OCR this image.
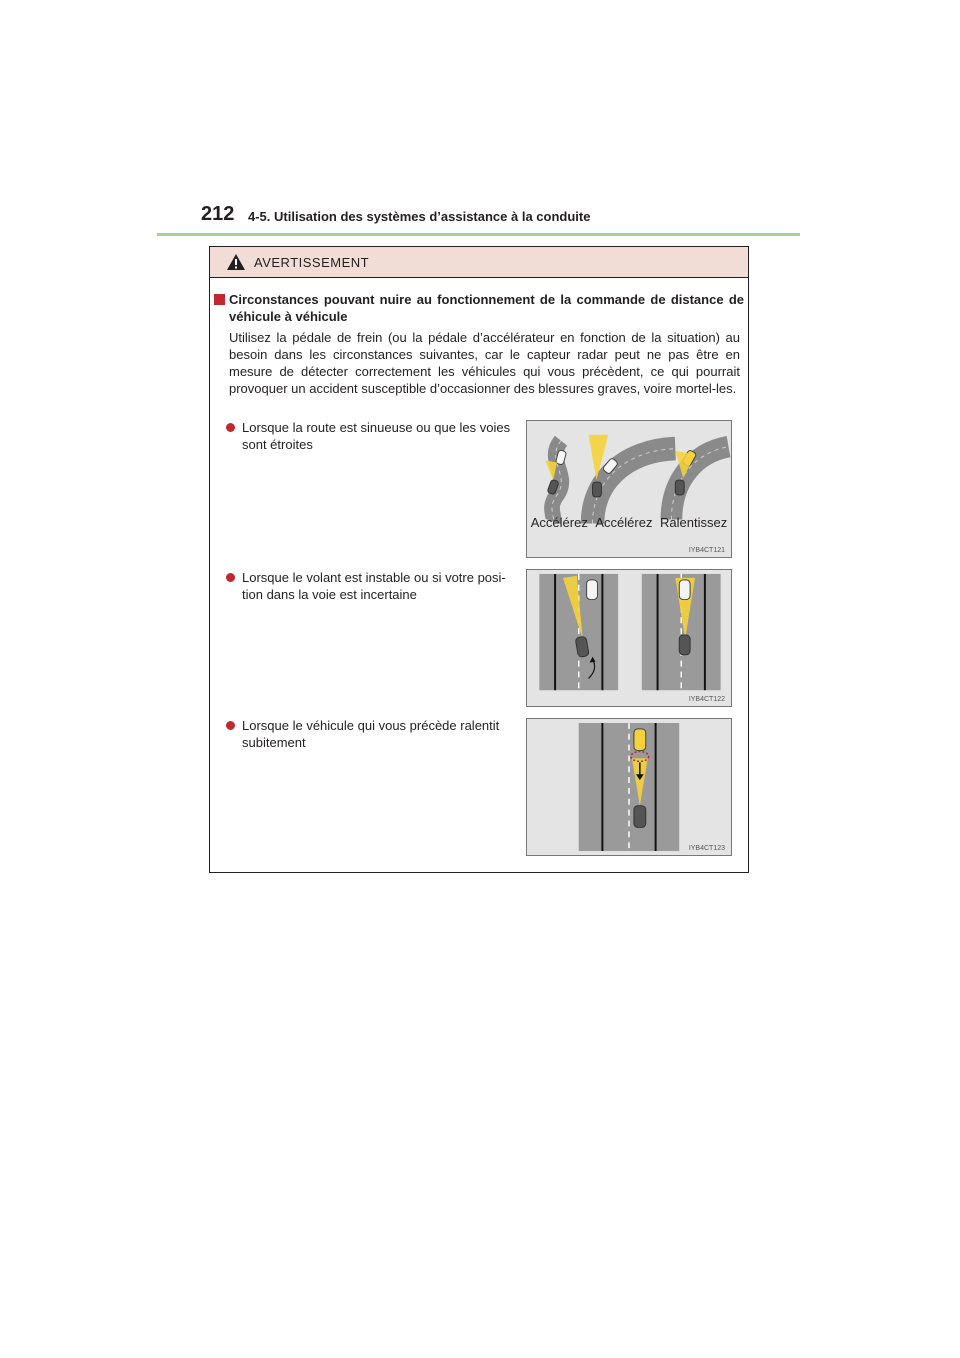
212 4-5. Utilisation des systèmes d’assistance à la conduite
AVERTISSEMENT
Circonstances pouvant nuire au fonctionnement de la commande de distance de véhicule à véhicule
Utilisez la pédale de frein (ou la pédale d’accélérateur en fonction de la situation) au besoin dans les circonstances suivantes, car le capteur radar peut ne pas être en mesure de détecter correctement les véhicules qui vous précèdent, ce qui pourrait provoquer un accident susceptible d’occasionner des blessures graves, voire mortel-les.
Lorsque la route est sinueuse ou que les voies sont étroites
Accélérez Accélérez Ralentissez
IYB4CT121
Lorsque le volant est instable ou si votre posi-tion dans la voie est incertaine
IYB4CT122
Lorsque le véhicule qui vous précède ralentit subitement
IYB4CT123
